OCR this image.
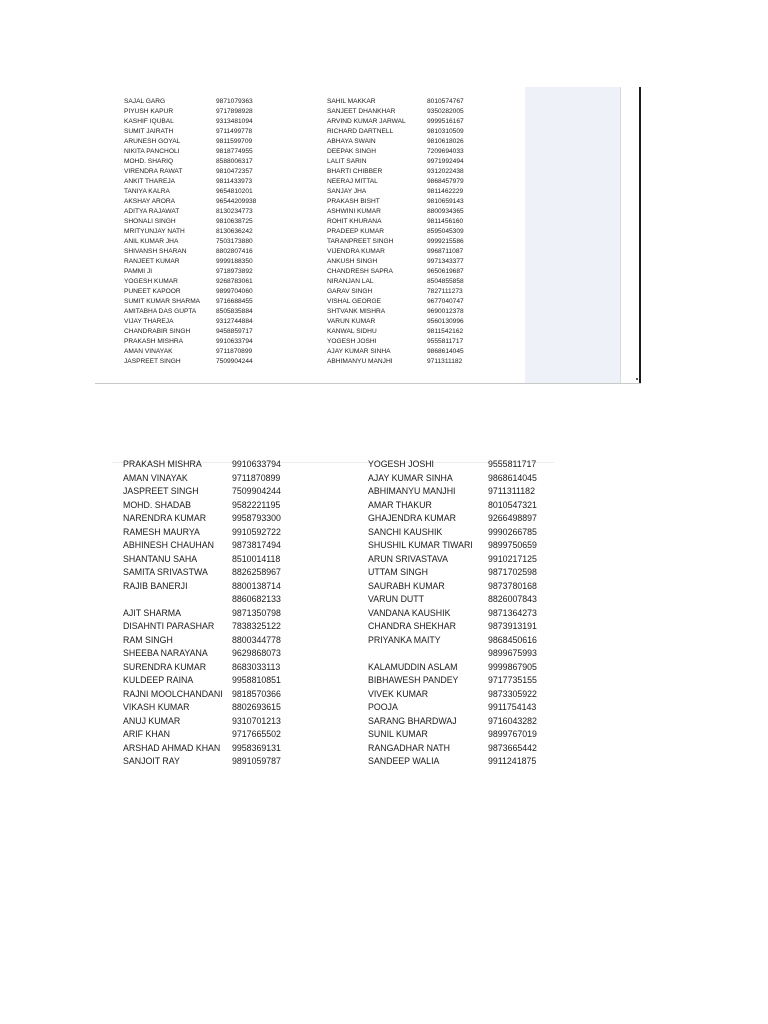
SAJAL GARG	9871079363
PIYUSH KAPUR	9717898928
KASHIF IQUBAL	9313481094
SUMIT JAIRATH	9711499778
ARUNESH GOYAL	9811599709
NIKITA PANCHOLI	9818774955
MOHD. SHARIQ	8588006317
VIRENDRA RAWAT	9810472357
ANKIT THAREJA	9811433973
TANIYA KALRA	9654810201
AKSHAY ARORA	96544209938
ADITYA RAJAWAT	8130234773
SHONALI SINGH	9810638725
MRITYUNJAY NATH	8130636242
ANIL KUMAR JHA	7503173880
SHIVANSH SHARAN	8802807416
RANJEET KUMAR	9999188350
PAMMI JI	9718973892
YOGESH KUMAR	9268783061
PUNEET KAPOOR	9899704060
SUMIT KUMAR SHARMA 9716688455
AMITABHA DAS GUPTA	8505835884
VIJAY THAREJA	9312744884
CHANDRABIR SINGH	9458859717
PRAKASH MISHRA	9910633794
AMAN VINAYAK	9711870899
JASPREET SINGH	7509904244
SAHIL MAKKAR	8010574767
SANJEET DHANKHAR	9350282005
ARVIND KUMAR JARWAL	9999516167
RICHARD DARTNELL	9810310509
ABHAYA SWAIN	9810618026
DEEPAK SINGH	7209694033
LALIT SARIN	9971992494
BHARTI CHIBBER	9312022438
NEERAJ MITTAL	9868457979
SANJAY JHA	9811462229
PRAKASH BISHT	9810659143
ASHWINI KUMAR	8800934365
ROHIT KHURANA	9811456160
PRADEEP KUMAR	8595045309
TARANPREET SINGH	9999215586
VIJENDRA KUMAR	9968711087
ANKUSH SINGH	9971343377
CHANDRESH SAPRA	9650619687
NIRANJAN LAL	8504855858
GARAV SINGH	7827111273
VISHAL GEORGE	9677040747
SHTVANK MISHRA	9690012378
VARUN KUMAR	9560130996
KANWAL SIDHU	9811542162
YOGESH JOSHI	9555811717
AJAY KUMAR SINHA	9868614045
ABHIMANYU MANJHI	9711311182
PRAKASH MISHRA	9910633794
AMAN VINAYAK	9711870899
JASPREET SINGH	7509904244
MOHD. SHADAB	9582221195
NARENDRA KUMAR	9958793300
RAMESH MAURYA	9910592722
ABHINESH CHAUHAN 9873817494
SHANTANU SAHA	8510014118
SAMITA SRIVASTWA	8826258967
RAJIB BANERJI	8800138714
8860682133
AJIT SHARMA	9871350798
DISAHNTI PARASHAR 7838325122
RAM SINGH	8800344778
SHEEBA NARAYANA	9629868073
SURENDRA KUMAR	8683033113
KULDEEP RAINA	9958810851
RAJNI MOOLCHANDANI 9818570366
VIKASH KUMAR	8802693615
ANUJ KUMAR	9310701213
ARIF KHAN	9717665502
ARSHAD AHMAD KHAN 9958369131
SANJOIT RAY	9891059787
YOGESH JOSHI	9555811717
AJAY KUMAR SINHA	9868614045
ABHIMANYU MANJHI	9711311182
AMAR THAKUR	8010547321
GHAJENDRA KUMAR	9266498897
SANCHI KAUSHIK	9990266785
SHUSHIL KUMAR TIWARI 9899750659
ARUN SRIVASTAVA	9910217125
UTTAM SINGH	9871702598
SAURABH KUMAR	9873780168
VARUN DUTT	8826007843
VANDANA KAUSHIK	9871364273
CHANDRA SHEKHAR	9873913191
PRIYANKA MAITY	9868450616
9899675993
KALAMUDDIN ASLAM	9999867905
BIBHAWESH PANDEY	9717735155
VIVEK KUMAR	9873305922
POOJA	9911754143
SARANG BHARDWAJ	9716043282
SUNIL KUMAR	9899767019
RANGADHAR NATH	9873665442
SANDEEP WALIA	9911241875
